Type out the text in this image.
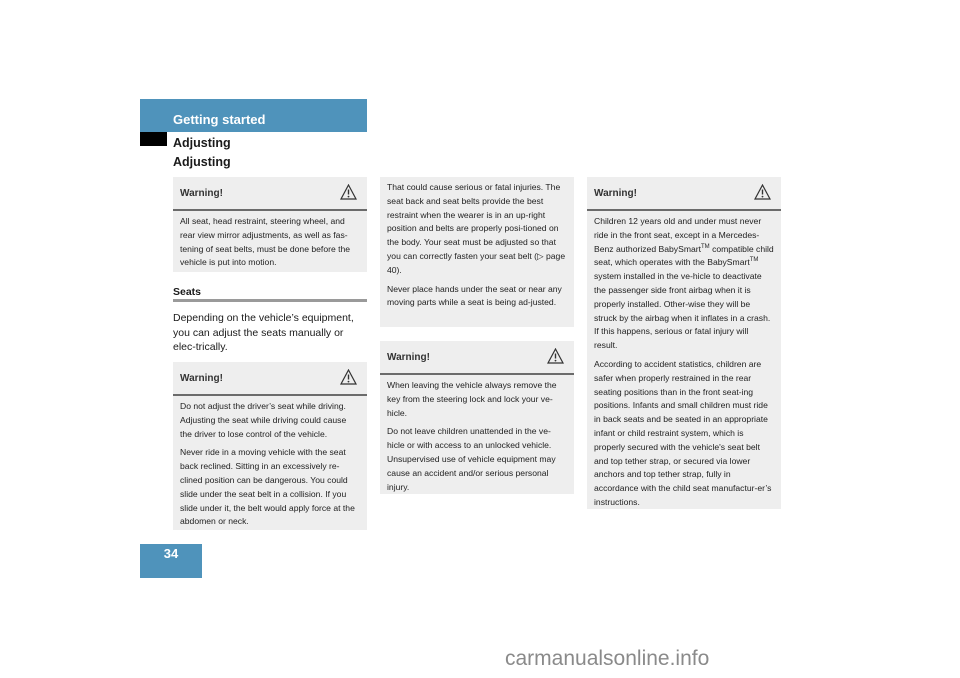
Getting started
Adjusting
Adjusting
Warning!

All seat, head restraint, steering wheel, and rear view mirror adjustments, as well as fas-tening of seat belts, must be done before the vehicle is put into motion.

Seats
Depending on the vehicle’s equipment, you can adjust the seats manually or elec-trically.
Warning!

Do not adjust the driver’s seat while driving. Adjusting the seat while driving could cause the driver to lose control of the vehicle.

Never ride in a moving vehicle with the seat back reclined. Sitting in an excessively re-clined position can be dangerous. You could slide under the seat belt in a collision. If you slide under it, the belt would apply force at the abdomen or neck.

That could cause serious or fatal injuries. The seat back and seat belts provide the best restraint when the wearer is in an up-right position and belts are properly posi-tioned on the body. Your seat must be adjusted so that you can correctly fasten your seat belt (▷ page 40).

Never place hands under the seat or near any moving parts while a seat is being ad-justed.

Warning!

When leaving the vehicle always remove the key from the steering lock and lock your ve-hicle.

Do not leave children unattended in the ve-hicle or with access to an unlocked vehicle. Unsupervised use of vehicle equipment may cause an accident and/or serious personal injury.

Warning!

Children 12 years old and under must never ride in the front seat, except in a Mercedes-Benz authorized BabySmart™ compatible child seat, which operates with the BabySmart™ system installed in the ve-hicle to deactivate the passenger side front airbag when it is properly installed. Other-wise they will be struck by the airbag when it inflates in a crash. If this happens, serious or fatal injury will result.

According to accident statistics, children are safer when properly restrained in the rear seating positions than in the front seat-ing positions. Infants and small children must ride in back seats and be seated in an appropriate infant or child restraint system, which is properly secured with the vehicle's seat belt and top tether strap, or secured via lower anchors and top tether strap, fully in accordance with the child seat manufactur-er’s instructions.

34
carmanualsonline.info
